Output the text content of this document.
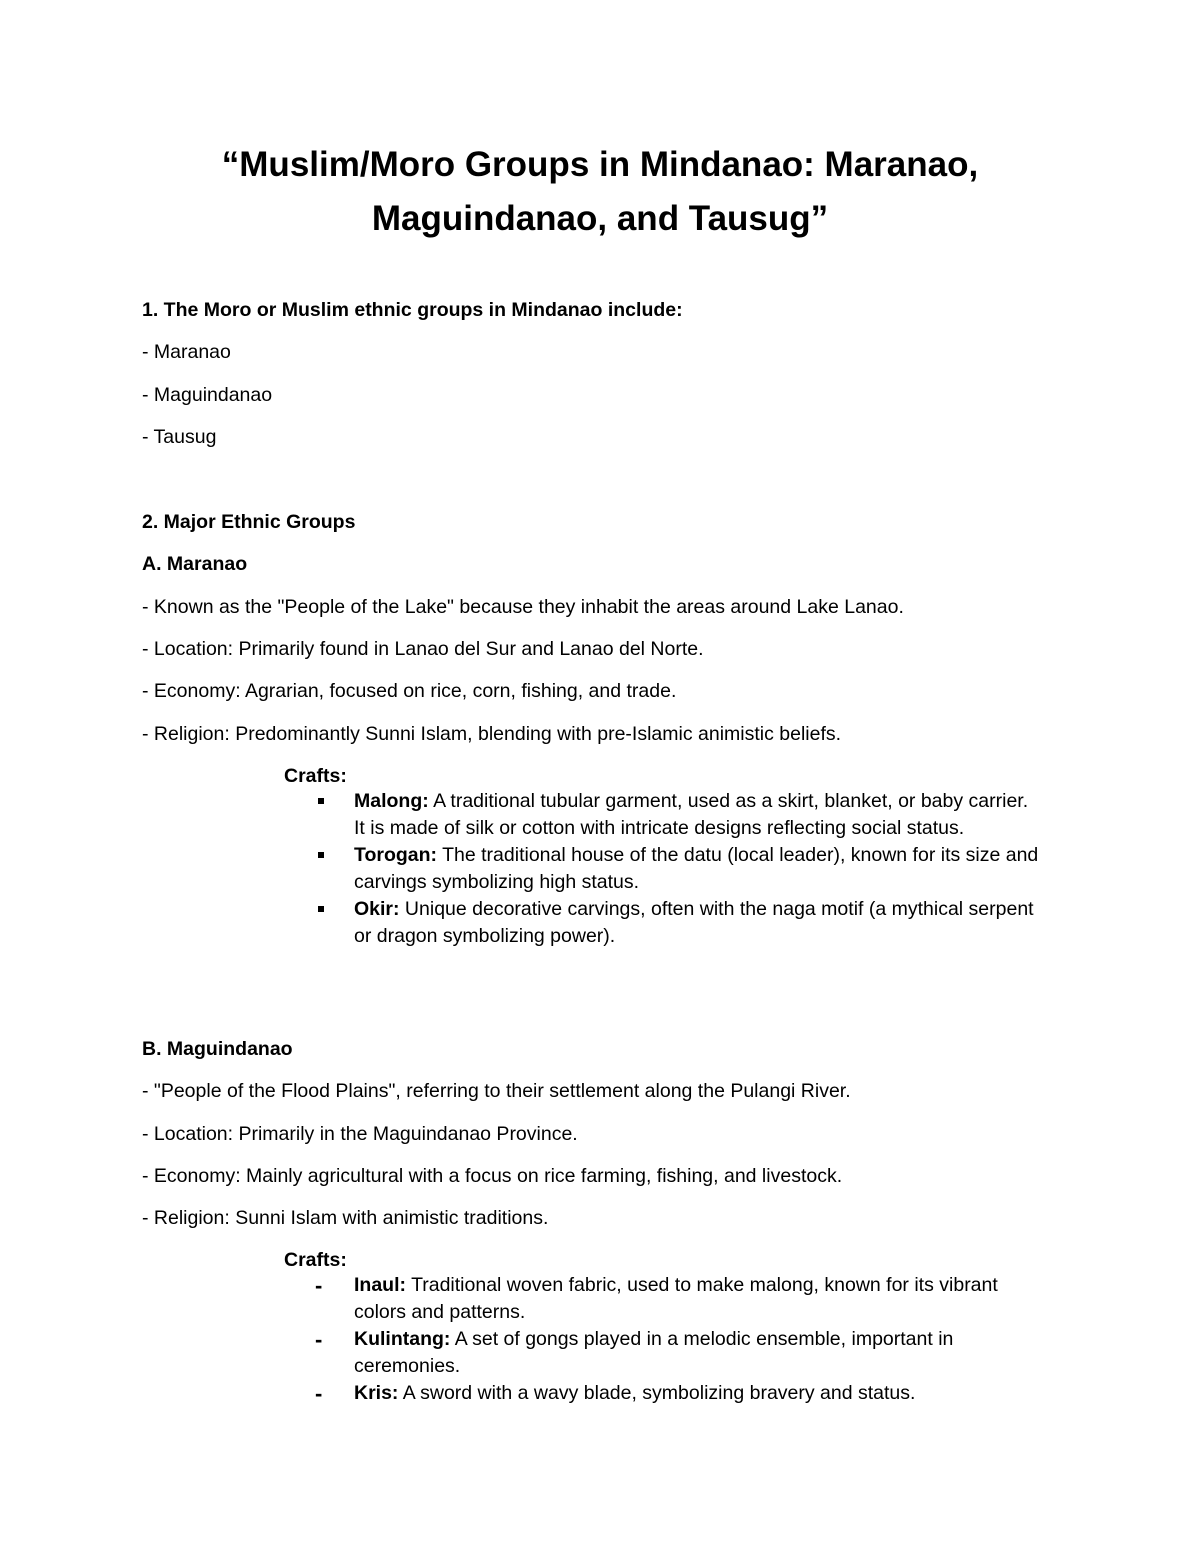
“Muslim/Moro Groups in Mindanao: Maranao,
Maguindanao, and Tausug”
1. The Moro or Muslim ethnic groups in Mindanao include:
- Maranao
- Maguindanao
- Tausug
2. Major Ethnic Groups
A. Maranao
- Known as the "People of the Lake" because they inhabit the areas around Lake Lanao.
- Location: Primarily found in Lanao del Sur and Lanao del Norte.
- Economy: Agrarian, focused on rice, corn, fishing, and trade.
- Religion: Predominantly Sunni Islam, blending with pre-Islamic animistic beliefs.
Crafts:
Malong: A traditional tubular garment, used as a skirt, blanket, or baby carrier. It is made of silk or cotton with intricate designs reflecting social status.
Torogan: The traditional house of the datu (local leader), known for its size and carvings symbolizing high status.
Okir: Unique decorative carvings, often with the naga motif (a mythical serpent or dragon symbolizing power).
B. Maguindanao
- "People of the Flood Plains", referring to their settlement along the Pulangi River.
- Location: Primarily in the Maguindanao Province.
- Economy: Mainly agricultural with a focus on rice farming, fishing, and livestock.
- Religion: Sunni Islam with animistic traditions.
Crafts:
- Inaul: Traditional woven fabric, used to make malong, known for its vibrant colors and patterns.
- Kulintang: A set of gongs played in a melodic ensemble, important in ceremonies.
- Kris: A sword with a wavy blade, symbolizing bravery and status.
